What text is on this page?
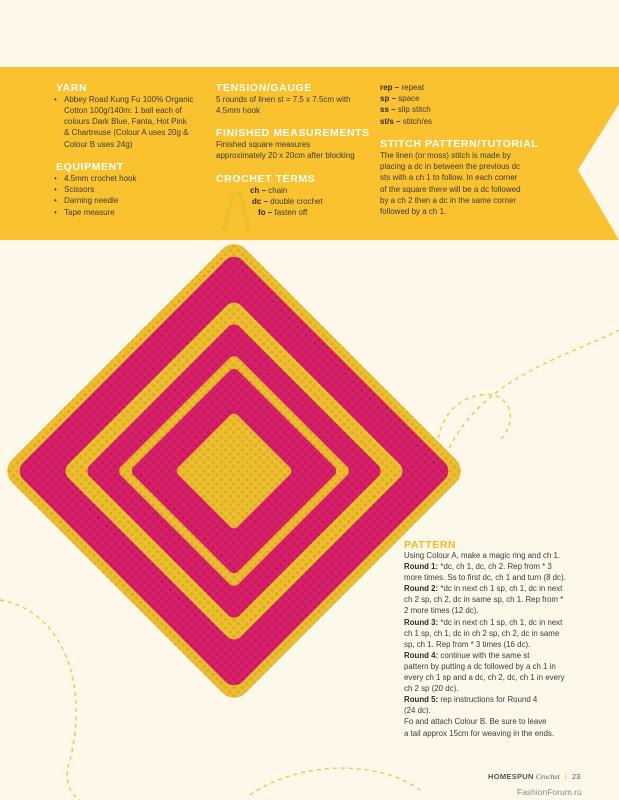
YARN
• Abbey Road Kung Fu 100% Organic
Cotton 100g/140m: 1 ball each of
colours Dark Blue, Fanta, Hot Pink
& Chartreuse (Colour A uses 20g &
Colour B uses 24g)
EQUIPMENT
• 4.5mm crochet hook
• Scissors
• Darning needle
• Tape measure
TENSION/GAUGE
5 rounds of linen st = 7.5 x 7.5cm with
4.5mm hook
FINISHED MEASUREMENTS
Finished square measures
approximately 20 x 20cm after blocking
CROCHET TERMS
ch – chain
dc – double crochet
fo – fasten off
rep – repeat
sp – space
ss – slip stitch
st/s – stitch/es
STITCH PATTERN/TUTORIAL
The linen (or moss) stitch is made by
placing a dc in between the previous dc
sts with a ch 1 to follow. In each corner
of the square there will be a dc followed
by a ch 2 then a dc in the same corner
followed by a ch 1.
PATTERN

Using Colour A, make a magic ring and ch 1.

Round 1: *dc, ch 1, dc, ch 2. Rep from * 3

more times. Ss to first dc, ch 1 and turn (8 dc).

Round 2: *dc in next ch 1 sp, ch 1, dc in next

ch 2 sp, ch 2, dc in same sp, ch 1. Rep from *

2 more times (12 dc).

Round 3: *dc in next ch 1 sp, ch 1, dc in next

ch 1 sp, ch 1, dc in ch 2 sp, ch 2, dc in same

sp, ch 1. Rep from * 3 times (16 dc).

Round 4: continue with the same st

pattern by putting a dc followed by a ch 1 in

every ch 1 sp and a dc, ch 2, dc, ch 1 in every

ch 2 sp (20 dc).

Round 5: rep instructions for Round 4

(24 dc).

Fo and attach Colour B. Be sure to leave

a tail approx 15cm for weaving in the ends.

HOMESPUN Crochet | 23
FashionForum.ru
